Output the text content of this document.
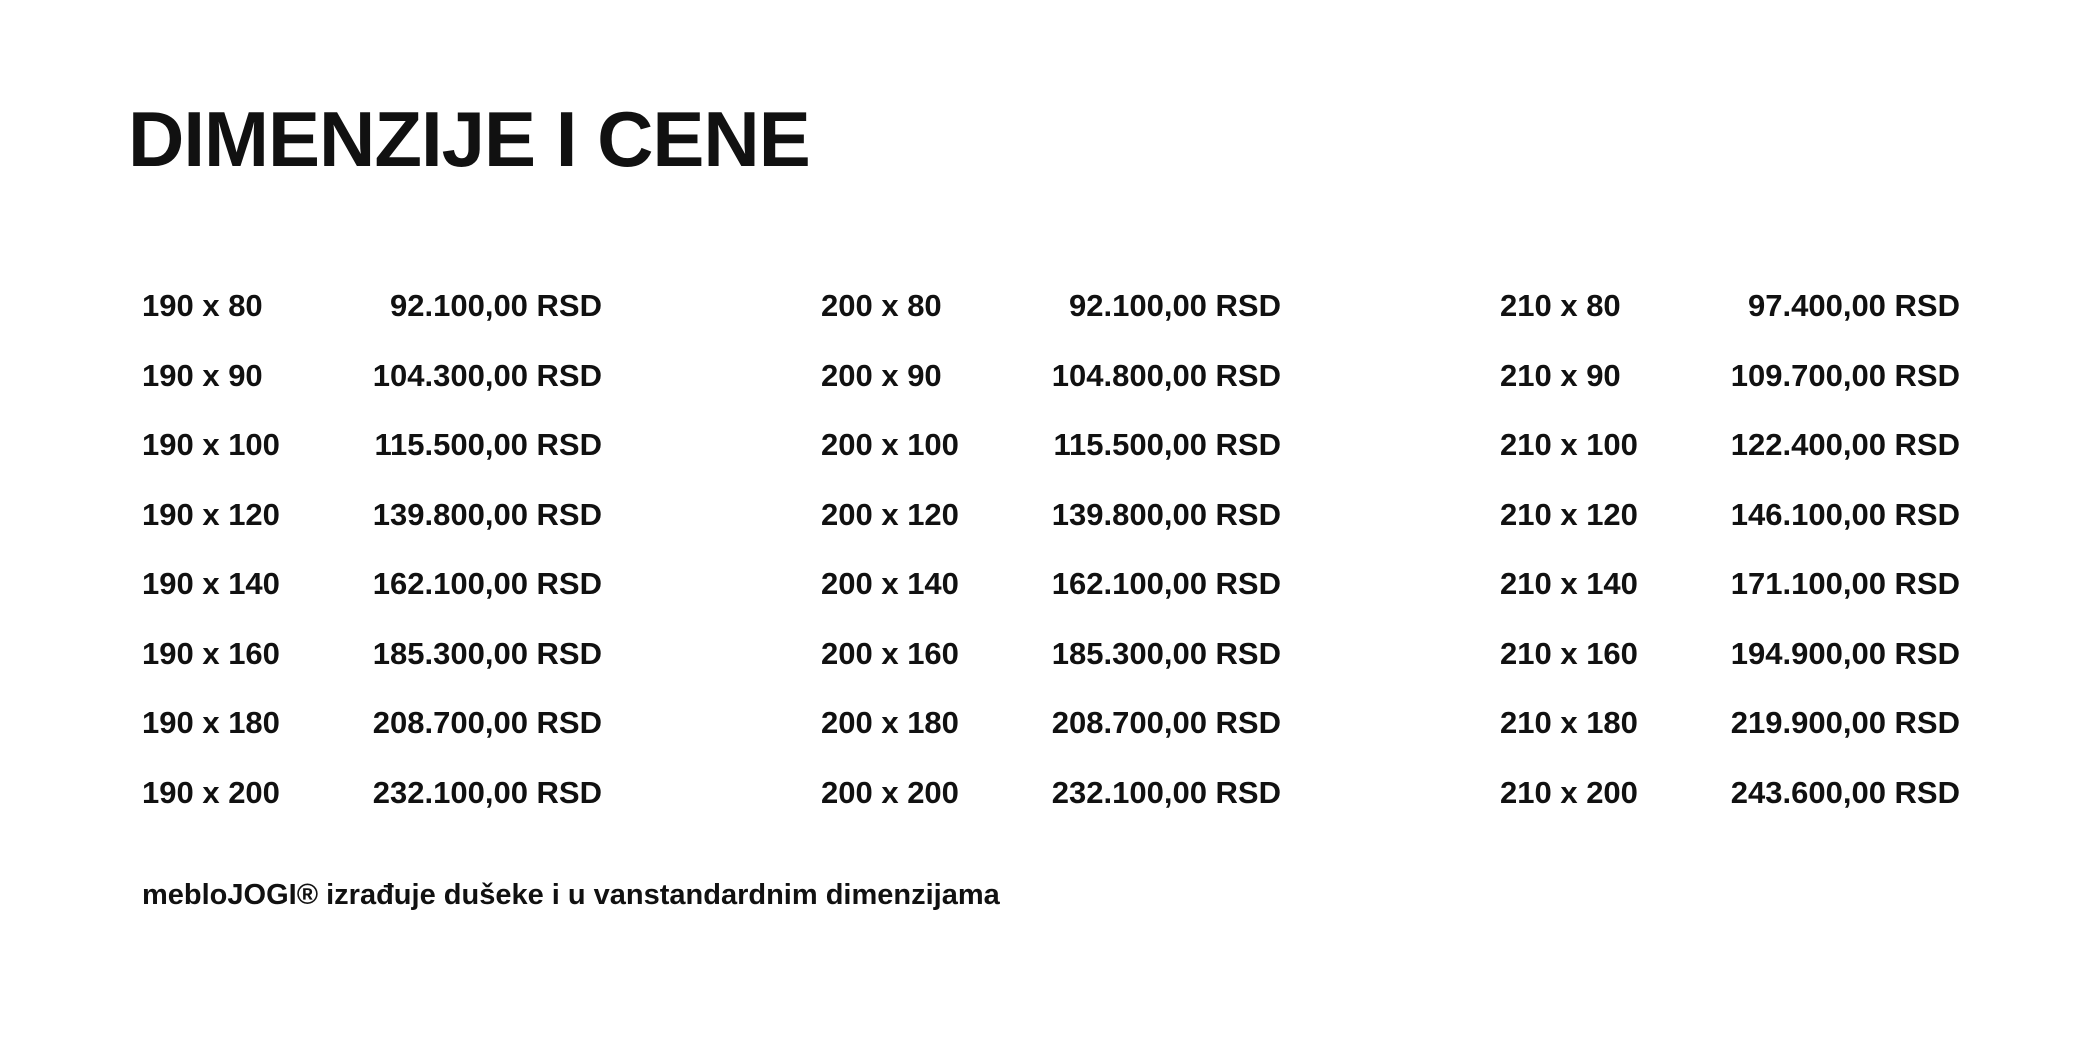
DIMENZIJE I CENE
190 x 80	92.100,00 RSD
190 x 90	104.300,00 RSD
190 x 100	115.500,00 RSD
190 x 120	139.800,00 RSD
190 x 140	162.100,00 RSD
190 x 160	185.300,00 RSD
190 x 180	208.700,00 RSD
190 x 200	232.100,00 RSD
200 x 80	92.100,00 RSD
200 x 90	104.800,00 RSD
200 x 100	115.500,00 RSD
200 x 120	139.800,00 RSD
200 x 140	162.100,00 RSD
200 x 160	185.300,00 RSD
200 x 180	208.700,00 RSD
200 x 200	232.100,00 RSD
210 x 80	97.400,00 RSD
210 x 90	109.700,00 RSD
210 x 100	122.400,00 RSD
210 x 120	146.100,00 RSD
210 x 140	171.100,00 RSD
210 x 160	194.900,00 RSD
210 x 180	219.900,00 RSD
210 x 200	243.600,00 RSD

mebloJOGI® izrađuje dušeke i u vanstandardnim dimenzijama
